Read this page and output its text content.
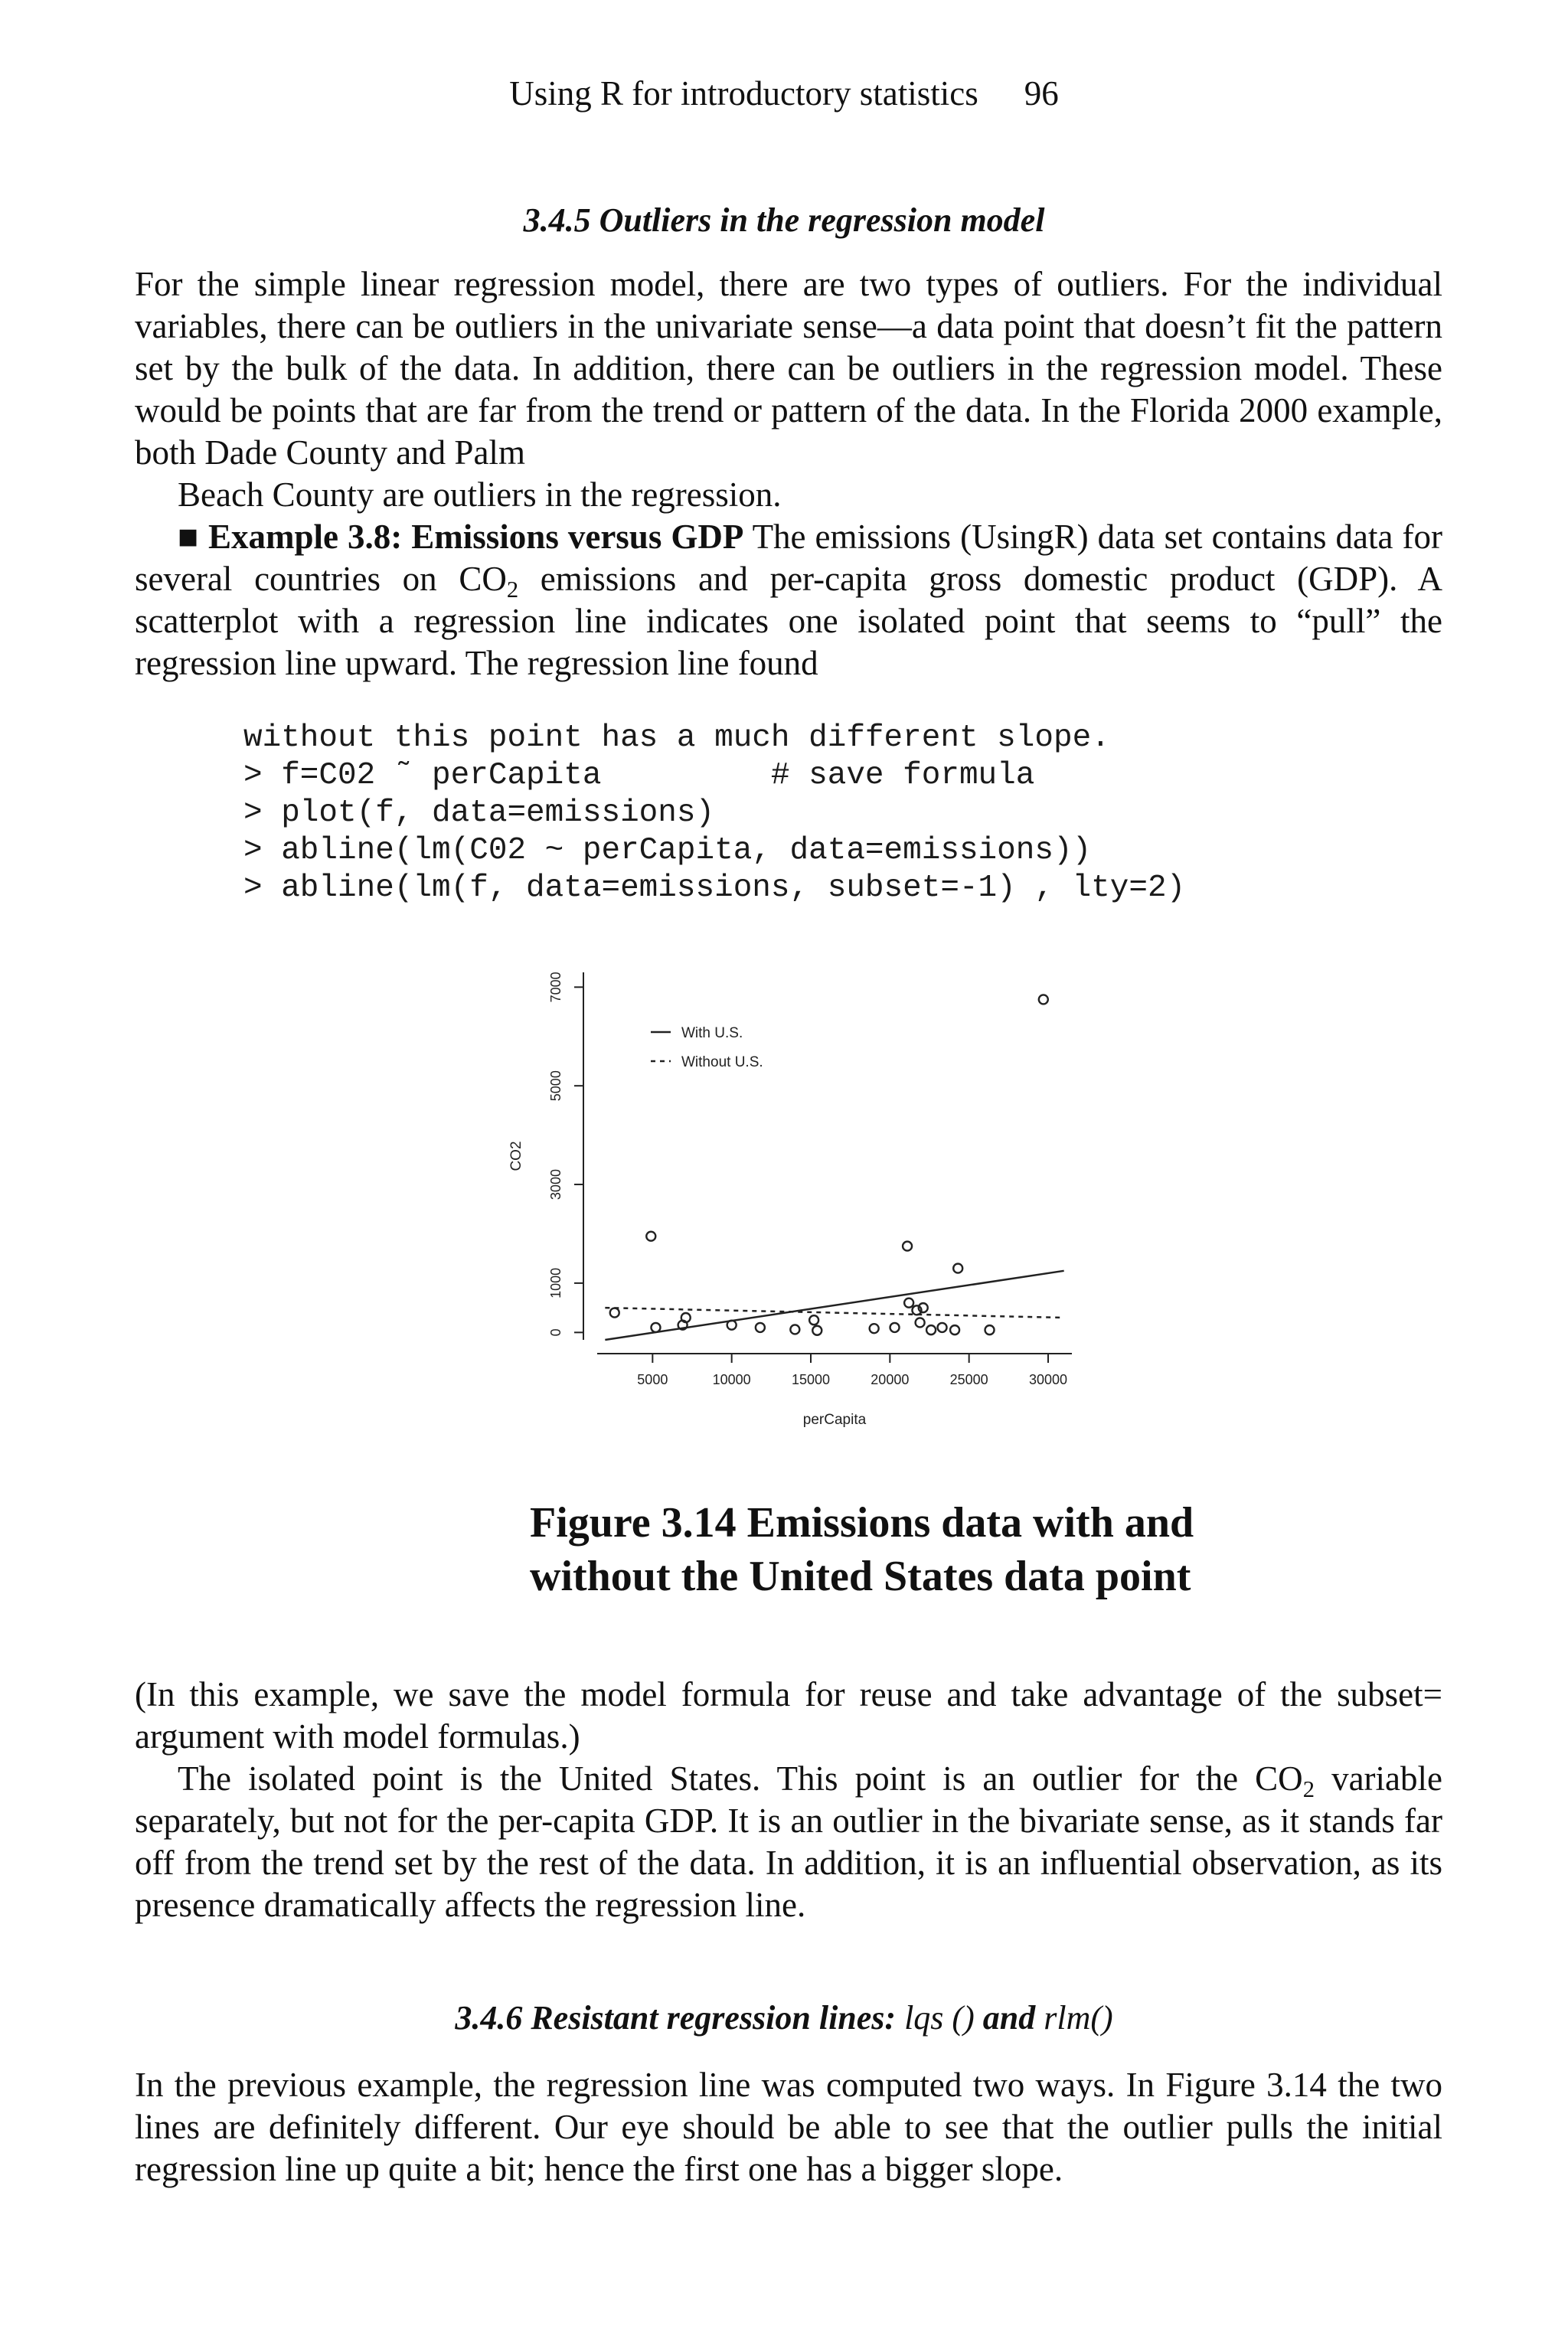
Using R for introductory statistics 96
3.4.5 Outliers in the regression model

For the simple linear regression model, there are two types of outliers. For the individual variables, there can be outliers in the univariate sense—a data point that doesn’t fit the pattern set by the bulk of the data. In addition, there can be outliers in the regression model. These would be points that are far from the trend or pattern of the data. In the Florida 2000 example, both Dade County and Palm

Beach County are outliers in the regression.

■ Example 3.8: Emissions versus GDP The emissions (UsingR) data set contains data for several countries on $CO_2$ emissions and per-capita gross domestic product (GDP). A scatterplot with a regression line indicates one isolated point that seems to “pull” the regression line upward. The regression line found

without this point has a much different slope.
> f=C02 ˜ perCapita         # save formula
> plot(f, data=emissions)
> abline(lm(C02 ~ perCapita, data=emissions))
> abline(lm(f, data=emissions, subset=-1) , lty=2)
0
1000
3000
5000
7000
5000	10000	15000	20000	25000	30000
perCapita
CO2
With U.S.
Without U.S.
Figure 3.14 Emissions data with and
without the United States data point

(In this example, we save the model formula for reuse and take advantage of the subset= argument with model formulas.)

The isolated point is the United States. This point is an outlier for the $CO_2$ variable separately, but not for the per-capita GDP. It is an outlier in the bivariate sense, as it stands far off from the trend set by the rest of the data. In addition, it is an influential observation, as its presence dramatically affects the regression line.

3.4.6 Resistant regression lines: lqs () and rlm()

In the previous example, the regression line was computed two ways. In Figure 3.14 the two lines are definitely different. Our eye should be able to see that the outlier pulls the initial regression line up quite a bit; hence the first one has a bigger slope.
